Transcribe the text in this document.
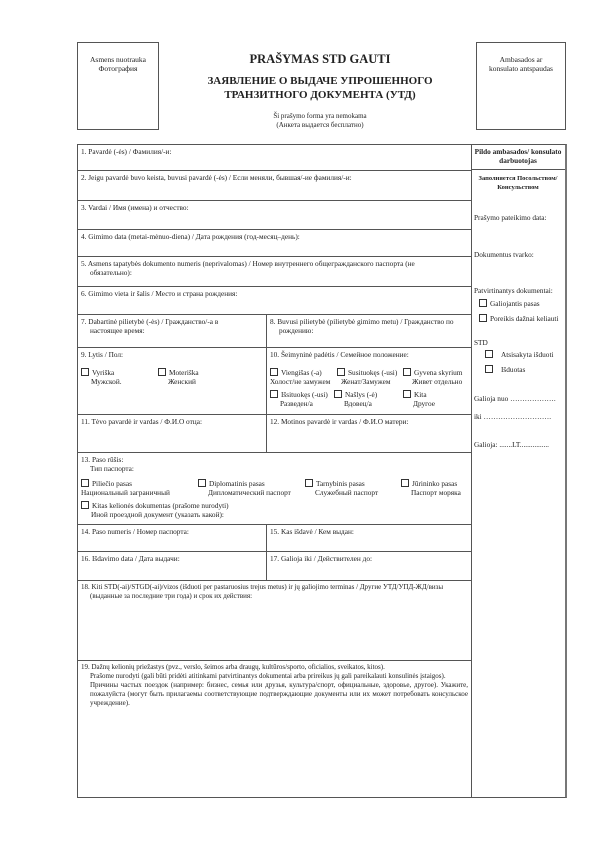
Asmens nuotrauka
Фотография
Ambasados ar
konsulato antspaudas
PRAŠYMAS STD GAUTI
ЗАЯВЛЕНИЕ О ВЫДАЧЕ УПРОШЕННОГО
ТРАНЗИТНОГО ДОКУМЕНТА (УТД)
Ši prašymo forma yra nemokama
(Анкета выдается бесплатно)
1. Pavardė (-ės) / Фамилия/-и:
2. Jeigu pavardė buvo keista, buvusi pavardė (-ės) / Если меняли, бывшая/-ие фамилия/-и:
3. Vardai / Имя (имена) и отчество:
4. Gimimo data (metai-mėnuo-diena) / Дата рождения (год-месяц–день):
5. Asmens tapatybės dokumento numeris (neprivalomas) / Номер внутреннего общегражданского паспорта (не
обязательно):
6. Gimimo vieta ir šalis / Место и страна рождения:
7. Dabartinė pilietybė (-ės) / Гражданство/-а в
настоящее время:
8. Buvusi pilietybė (pilietybė gimimo metu) / Гражданство по
рождению:
9. Lytis / Пол:
Vyriška
Мужской.
Moteriška
Женский
10. Šeimyninė padėtis / Семейное положение:
Viengišas (-a)
Холост/не замужем
Susituokęs (-usi)
Женат/Замужем
Gyvena skyrium
Живет отдельно
Išsituokęs (-usi)
Разведен/а
Našlys (-ė)
Вдовец/а
Kita
Другое
11. Tėvo pavardė ir vardas / Ф.И.О отца:	12. Motinos pavardė ir vardas / Ф.И.О матери:
13. Paso rūšis:
Тип паспорта:
Piliečio pasas
Национальный заграничный
Diplomatinis pasas
Дипломатический паспорт
Tarnybinis pasas
Служебный паспорт
Jūrininko pasas
Паспорт моряка
Kitas kelionės dokumentas (prašome nurodyti)
Иной проездной документ (указать какой):
14. Paso numeris / Номер паспорта:	15. Kas išdavė / Кем выдан:
16. Išdavimo data / Дата выдачи:	17. Galioja iki / Действителен до:
18. Kiti STD(-ai)/STGD(-ai)/vizos (išduoti per pastaruosius trejus metus) ir jų galiojimo terminas / Другие УТД/УПД-ЖД/визы
(выданные за последние три года) и срок их действия:
19. Dažnų kelionių priežastys (pvz., verslo, šeimos arba draugų, kultūros/sporto, oficialios, sveikatos, kitos).
Prašome nurodyti (gali būti pridėti atitinkami patvirtinantys dokumentai arba prireikus jų gali pareikalauti konsulinės įstaigos).
Причины частых поездок (например: бизнес, семья или друзья, культура/спорт, официальные, здоровье, другое). Укажите, пожалуйста (могут быть прилагаемы соответствующие подтверждающие документы или их может потребовать консульское учреждение).
Pildo ambasados/ konsulato darbuotojas
Заполняется Посольством/ Консульством
Prašymo pateikimo data:
Dokumentus tvarko:
Patvirtinantys dokumentai:
Galiojantis pasas
Poreikis dažnai keliauti
STD
Atsisakyta išduoti
Išduotas
Galioja nuo ……………….
iki ……………………….
Galioja: .......LT................
